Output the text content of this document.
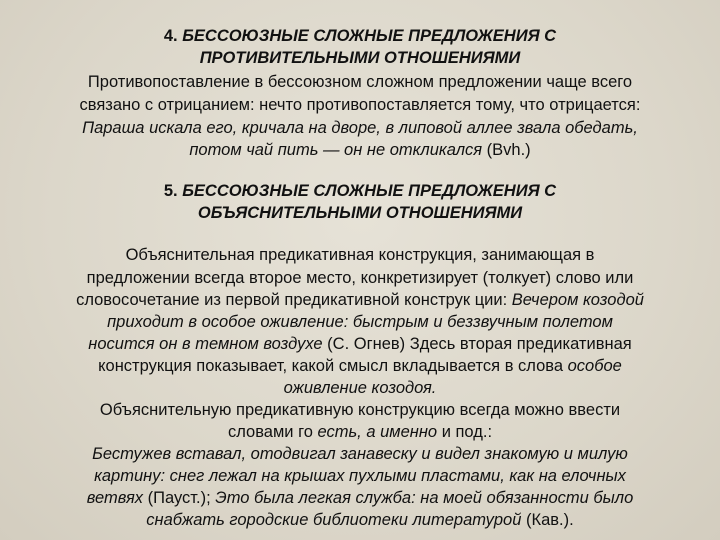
4. БЕССОЮЗНЫЕ СЛОЖНЫЕ ПРЕДЛОЖЕНИЯ С
ПРОТИВИТЕЛЬНЫМИ ОТНОШЕНИЯМИ
Противопоставление в бессоюзном сложном предложении чаще всего
связано с отрицанием: нечто противопоставляется тому, что отрицается:
Параша искала его, кричала на дворе, в липовой аллее звала обедать,
потом чай пить — он не откликался (Bvh.)
5. БЕССОЮЗНЫЕ СЛОЖНЫЕ ПРЕДЛОЖЕНИЯ С
ОБЪЯСНИТЕЛЬНЫМИ ОТНОШЕНИЯМИ
Объяснительная предикативная конструкция, занимающая в
предложении всегда второе место, конкретизирует (толкует) слово или
словосочетание из первой предикативной конструк ции: Вечером козодой
приходит в особое оживление: быстрым и беззвучным полетом
носится он в темном воздухе (С. Огнев) Здесь вторая предикативная
конструкция показывает, какой смысл вкладывается в слова особое
оживление козодоя.
Объяснительную предикативную конструкцию всегда можно ввести
словами го есть, а именно и под.:
Бестужев вставал, отодвигал занавеску и видел знакомую и милую
картину: снег лежал на крышах пухлыми пластами, как на елочных
ветвях (Пауст.); Это была легкая служба: на моей обязанности было
снабжать городские библиотеки литературой (Кав.).
